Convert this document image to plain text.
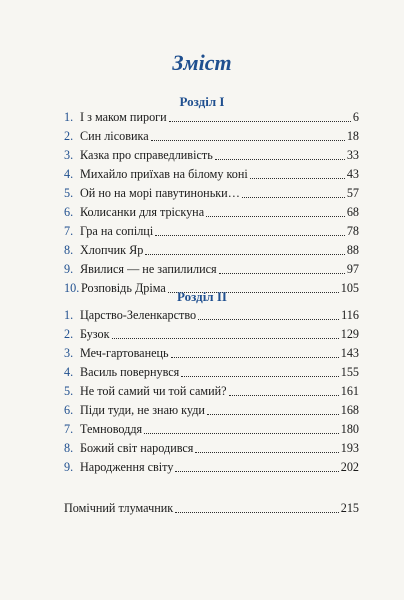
Зміст
Розділ I
1. І з маком пироги	6
2. Син лісовика	18
3. Казка про справедливість	33
4. Михайло приїхав на білому коні	43
5. Ой но на морі павутиноньки…	57
6. Колисанки для тріскуна	68
7. Гра на сопілці	78
8. Хлопчик Яр	88
9. Явилися — не запилилися	97
10. Розповідь Дріма	105
Розділ II
1. Царство-Зеленкарство	116
2. Бузок	129
3. Меч-гартованець	143
4. Василь повернувся	155
5. Не той самий чи той самий?	161
6. Піди туди, не знаю куди	168
7. Темноводдя	180
8. Божий світ народився	193
9. Народження світу	202
Помічний тлумачник	215
